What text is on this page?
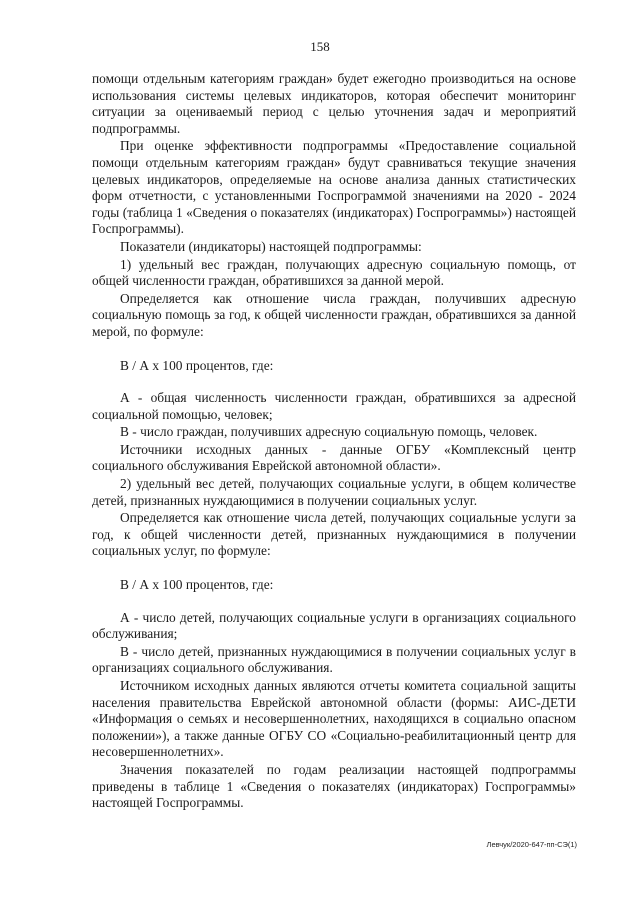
158

помощи отдельным категориям граждан» будет ежегодно производиться на основе использования системы целевых индикаторов, которая обеспечит мониторинг ситуации за оцениваемый период с целью уточнения задач и мероприятий подпрограммы.

При оценке эффективности подпрограммы «Предоставление социальной помощи отдельным категориям граждан» будут сравниваться текущие значения целевых индикаторов, определяемые на основе анализа данных статистических форм отчетности, с установленными Госпрограммой значениями на 2020 - 2024 годы (таблица 1 «Сведения о показателях (индикаторах) Госпрограммы») настоящей Госпрограммы).

Показатели (индикаторы) настоящей подпрограммы:

1) удельный вес граждан, получающих адресную социальную помощь, от общей численности граждан, обратившихся за данной мерой.

Определяется как отношение числа граждан, получивших адресную социальную помощь за год, к общей численности граждан, обратившихся за данной мерой, по формуле:

В / А х 100 процентов, где:

А - общая численность численности граждан, обратившихся за адресной социальной помощью, человек;

В - число граждан, получивших адресную социальную помощь, человек.

Источники исходных данных - данные ОГБУ «Комплексный центр социального обслуживания Еврейской автономной области».

2) удельный вес детей, получающих социальные услуги, в общем количестве детей, признанных нуждающимися в получении социальных услуг.

Определяется как отношение числа детей, получающих социальные услуги за год, к общей численности детей, признанных нуждающимися в получении социальных услуг, по формуле:

В / А х 100 процентов, где:

А - число детей, получающих социальные услуги в организациях социального обслуживания;

В - число детей, признанных нуждающимися в получении социальных услуг в организациях социального обслуживания.

Источником исходных данных являются отчеты комитета социальной защиты населения правительства Еврейской автономной области (формы: АИС-ДЕТИ «Информация о семьях и несовершеннолетних, находящихся в социально опасном положении»), а также данные ОГБУ СО «Социально-реабилитационный центр для несовершеннолетних».

Значения показателей по годам реализации настоящей подпрограммы приведены в таблице 1 «Сведения о показателях (индикаторах) Госпрограммы» настоящей Госпрограммы.

Левчук/2020-647-пп-СЭ(1)
